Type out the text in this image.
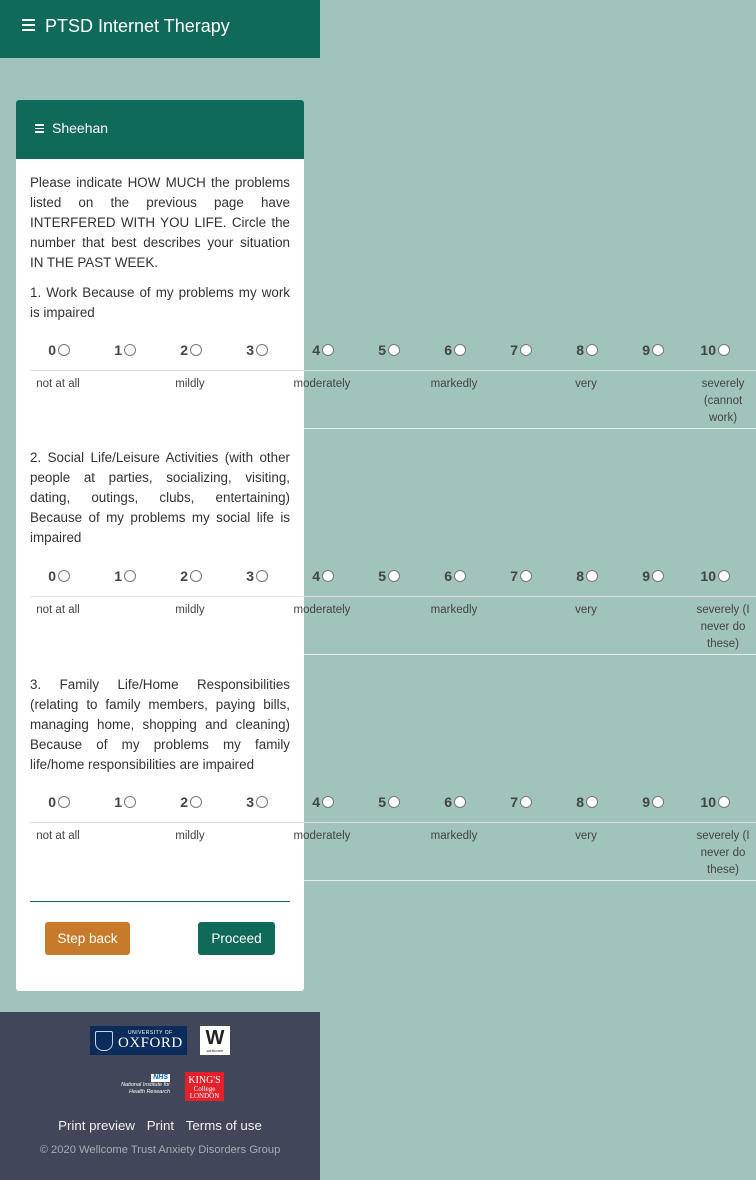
PTSD Internet Therapy
Sheehan
Please indicate HOW MUCH the problems listed on the previous page have INTERFERED WITH YOU LIFE. Circle the number that best describes your situation IN THE PAST WEEK.
1. Work Because of my problems my work is impaired
2. Social Life/Leisure Activities (with other people at parties, socializing, visiting, dating, outings, clubs, entertaining) Because of my problems my social life is impaired
3. Family Life/Home Responsibilities (relating to family members, paying bills, managing home, shopping and cleaning) Because of my problems my family life/home responsibilities are impaired
Step back	Proceed
UNIVERSITY OF
OXFORD W
wellcome
NHS
National Institute for
Health Research
KING'S
College
LONDON
Print preview Print Terms of use
© 2020 Wellcome Trust Anxiety Disorders Group
0	1	2	3	4	5	6	7	8	9	10
not at all	mildly	moderately	markedly	very	severely (cannot work)
0	1	2	3	4	5	6	7	8	9	10
not at all	mildly	moderately	markedly	very	severely (I never do these)
0	1	2	3	4	5	6	7	8	9	10
not at all	mildly	moderately	markedly	very	severely (I never do these)
